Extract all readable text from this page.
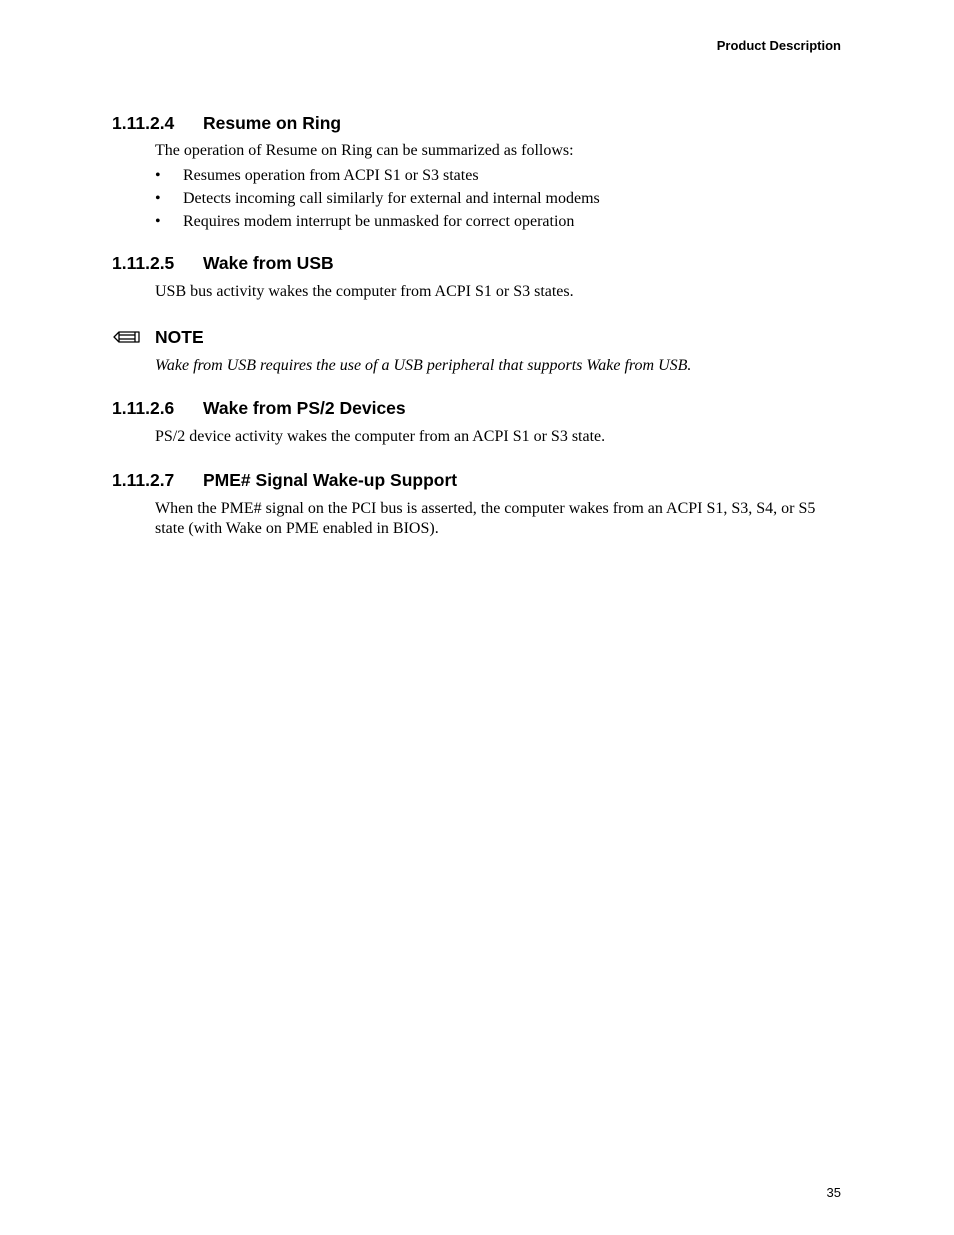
Product Description
1.11.2.4 Resume on Ring
The operation of Resume on Ring can be summarized as follows:
• Resumes operation from ACPI S1 or S3 states
• Detects incoming call similarly for external and internal modems
• Requires modem interrupt be unmasked for correct operation
1.11.2.5 Wake from USB
USB bus activity wakes the computer from ACPI S1 or S3 states.
NOTE
Wake from USB requires the use of a USB peripheral that supports Wake from USB.
1.11.2.6 Wake from PS/2 Devices
PS/2 device activity wakes the computer from an ACPI S1 or S3 state.
1.11.2.7 PME# Signal Wake-up Support
When the PME# signal on the PCI bus is asserted, the computer wakes from an ACPI S1, S3, S4, or S5 state (with Wake on PME enabled in BIOS).
35
